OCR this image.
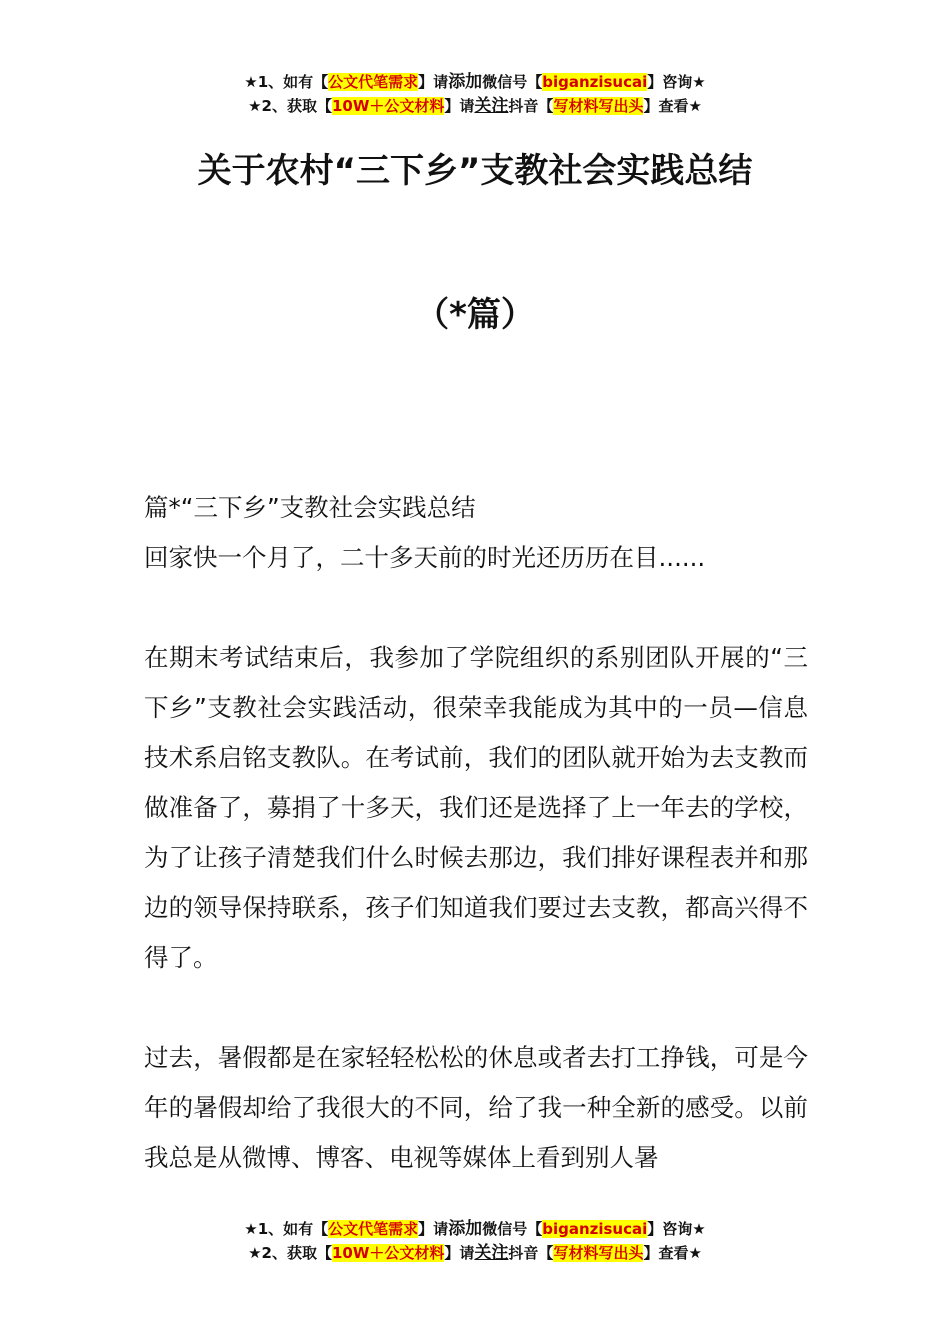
★1、如有【公文代笔需求】请添加微信号【biganzisucai】咨询★
★2、获取【10W＋公文材料】请关注抖音【写材料写出头】查看★
关于农村“三下乡”支教社会实践总结
（*篇）

篇*“三下乡”支教社会实践总结

回家快一个月了，二十多天前的时光还历历在目......

在期末考试结束后，我参加了学院组织的系别团队开展的“三下乡”支教社会实践活动，很荣幸我能成为其中的一员—信息技术系启铭支教队。在考试前，我们的团队就开始为去支教而做准备了，募捐了十多天，我们还是选择了上一年去的学校，为了让孩子清楚我们什么时候去那边，我们排好课程表并和那边的领导保持联系，孩子们知道我们要过去支教，都高兴得不得了。

过去，暑假都是在家轻轻松松的休息或者去打工挣钱，可是今年的暑假却给了我很大的不同，给了我一种全新的感受。以前我总是从微博、博客、电视等媒体上看到别人暑

★1、如有【公文代笔需求】请添加微信号【biganzisucai】咨询★
★2、获取【10W＋公文材料】请关注抖音【写材料写出头】查看★
